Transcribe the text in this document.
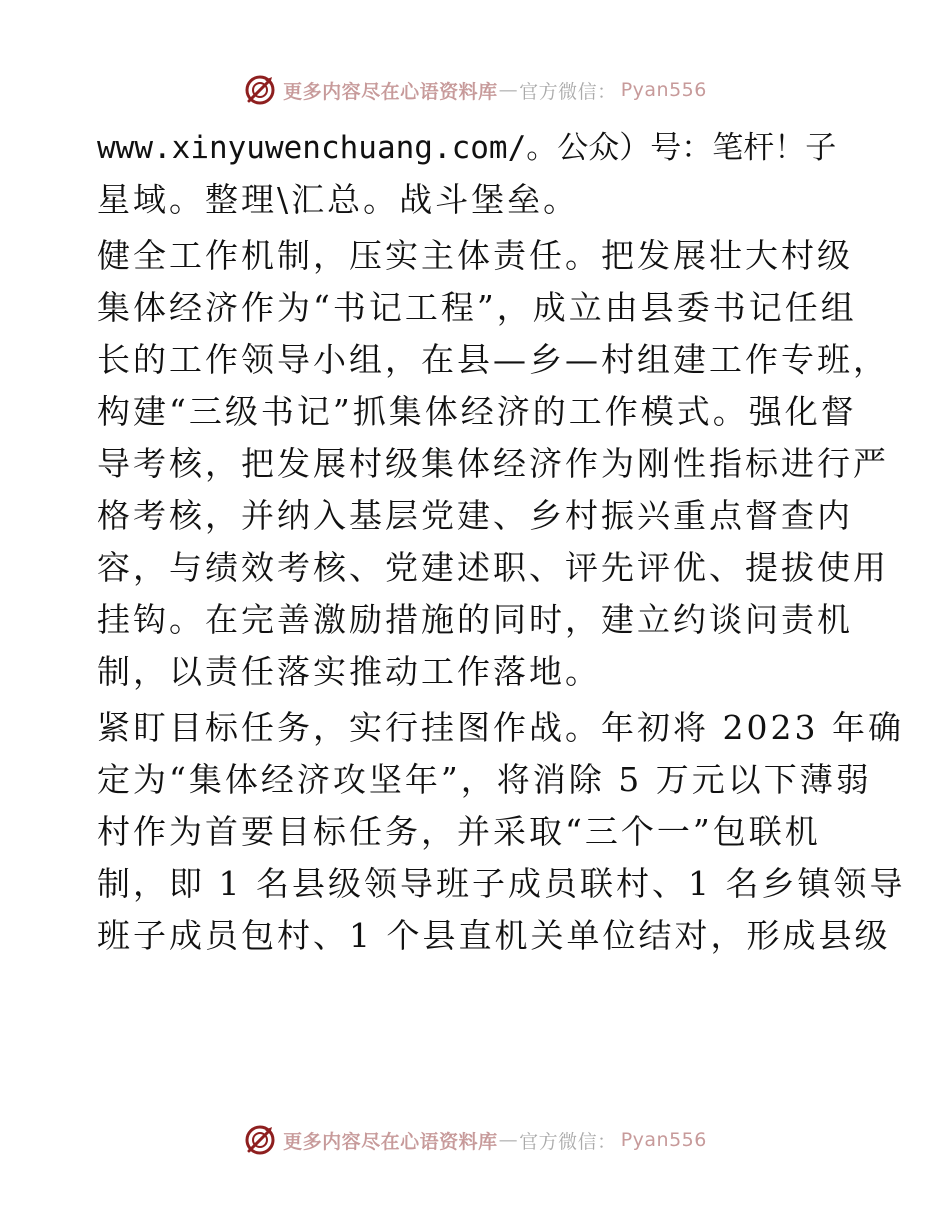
更多内容尽在心语资料库 — 官方微信 ： Pyan556
www.xinyuwenchuang.com/。公众）号：笔杆！子
星域。整理\汇总。战斗堡垒。
健全工作机制，压实主体责任。把发展壮大村级
集体经济作为“书记工程”，成立由县委书记任组
长的工作领导小组，在县—乡—村组建工作专班，
构建“三级书记”抓集体经济的工作模式。强化督
导考核，把发展村级集体经济作为刚性指标进行严
格考核，并纳入基层党建、乡村振兴重点督查内
容，与绩效考核、党建述职、评先评优、提拔使用
挂钩。在完善激励措施的同时，建立约谈问责机
制，以责任落实推动工作落地。
紧盯目标任务，实行挂图作战。年初将 2023 年确
定为“集体经济攻坚年”，将消除 5 万元以下薄弱
村作为首要目标任务，并采取“三个一”包联机
制，即 1 名县级领导班子成员联村、1 名乡镇领导
班子成员包村、1 个县直机关单位结对，形成县级
更多内容尽在心语资料库 — 官方微信 ： Pyan556
